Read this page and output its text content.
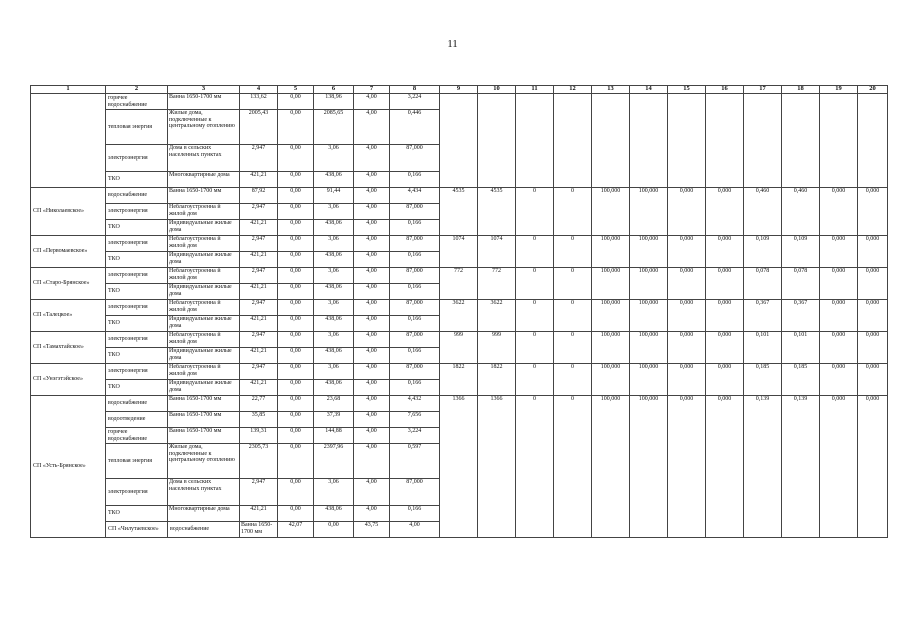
11
1	2	3	4	5	6	7	8	9	10	11	12	13	14	15	16	17	18	19	20	
	горячее водоснабжение	Ванна 1650-1700 мм	133,62	0,00	138,96	4,00	3,224													
	тепловая энергия	Жилые дома, подключенные к центральному отоплению	2005,43	0,00	2085,65	4,00	0,446													
	электроэнергия	Дома в сельских населенных пунктах	2,947	0,00	3,06	4,00	87,000													
	ТКО	Многоквартирные дома	421,21	0,00	438,06	4,00	0,166													
СП «Николаевское»	водоснабжение	Ванна 1650-1700 мм	87,92	0,00	91,44	4,00	4,434	4535	4535	0	0	100,000	100,000	0,000	0,000	0,460	0,460	0,000	0,000	
	электроэнергия	Неблагоустроенна й жилой дом	2,947	0,00	3,06	4,00	87,000													
	ТКО	Индивидуальные жилые дома	421,21	0,00	438,06	4,00	0,166													
СП «Первомаевское»	электроэнергия	Неблагоустроенна й жилой дом	2,947	0,00	3,06	4,00	87,000	1074	1074	0	0	100,000	100,000	0,000	0,000	0,109	0,109	0,000	0,000	
	ТКО	Индивидуальные жилые дома	421,21	0,00	438,06	4,00	0,166													
СП «Старо-Брянское»	электроэнергия	Неблагоустроенна й жилой дом	2,947	0,00	3,06	4,00	87,000	772	772	0	0	100,000	100,000	0,000	0,000	0,078	0,078	0,000	0,000	
	ТКО	Индивидуальные жилые дома	421,21	0,00	438,06	4,00	0,166													
СП «Талецкое»	электроэнергия	Неблагоустроенна й жилой дом	2,947	0,00	3,06	4,00	87,000	3622	3622	0	0	100,000	100,000	0,000	0,000	0,367	0,367	0,000	0,000	
	ТКО	Индивидуальные жилые дома	421,21	0,00	438,06	4,00	0,166													
СП «Тамахтайское»	электроэнергия	Неблагоустроенна й жилой дом	2,947	0,00	3,06	4,00	87,000	999	999	0	0	100,000	100,000	0,000	0,000	0,101	0,101	0,000	0,000	
	ТКО	Индивидуальные жилые дома	421,21	0,00	438,06	4,00	0,166													
СП «Унэгэтэйское»	электроэнергия	Неблагоустроенна й жилой дом	2,947	0,00	3,06	4,00	87,000	1822	1822	0	0	100,000	100,000	0,000	0,000	0,185	0,185	0,000	0,000	
	ТКО	Индивидуальные жилые дома	421,21	0,00	438,06	4,00	0,166													
СП «Усть-Брянское»	водоснабжение	Ванна 1650-1700 мм	22,77	0,00	23,68	4,00	4,432	1366	1366	0	0	100,000	100,000	0,000	0,000	0,139	0,139	0,000	0,000	
	водоотведение	Ванна 1650-1700 мм	35,85	0,00	37,39	4,00	7,656													
	горячее водоснабжение	Ванна 1650-1700 мм	139,31	0,00	144,88	4,00	3,224													
	тепловая энергия	Жилые дома, подключенные к центральному отоплению	2305,73	0,00	2397,96	4,00	0,597													
	электроэнергия	Дома в сельских населенных пунктах	2,947	0,00	3,06	4,00	87,000													
	ТКО	Многоквартирные дома	421,21	0,00	438,06	4,00	0,166													
	СП «Чилутаевское»	водоснабжение	Ванна 1650-1700 мм	42,07	0,00	43,75	4,00													
